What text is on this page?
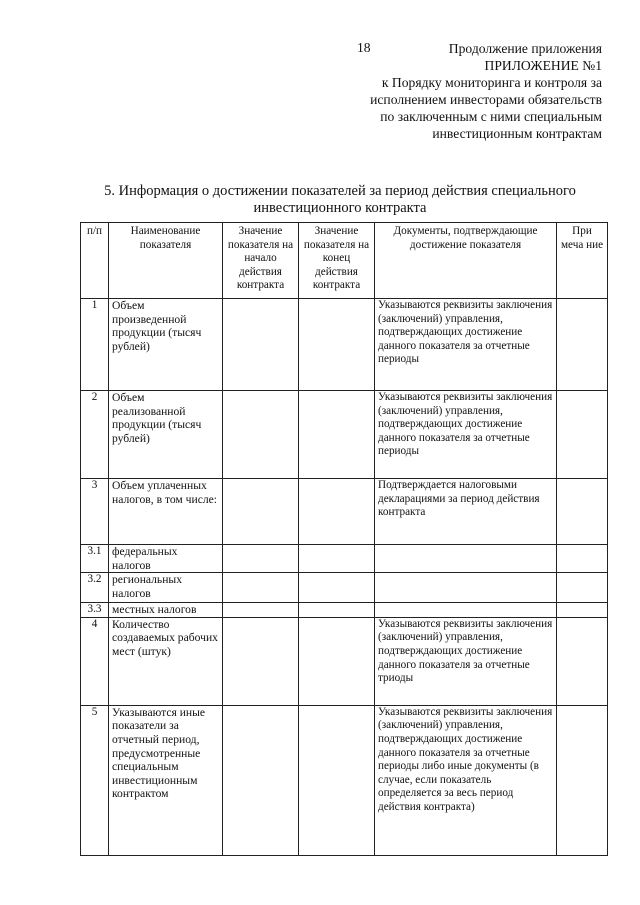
18	Продолжение приложения
ПРИЛОЖЕНИЕ №1
к Порядку мониторинга и контроля за
исполнением инвесторами обязательств
по заключенным с ними специальным
инвестиционным контрактам
5. Информация о достижении показателей за период действия специального
инвестиционного контракта
п/п	Наименование показателя	Значение показателя на начало действия контракта	Значение показателя на конец действия контракта	Документы, подтверждающие достижение показателя	При меча ние
1	Объем произведенной продукции (тысяч рублей)			Указываются реквизиты заключения (заключений) управления, подтверждающих достижение данного показателя за отчетные периоды	
2	Объем реализованной продукции (тысяч рублей)			Указываются реквизиты заключения (заключений) управления, подтверждающих достижение данного показателя за отчетные периоды	
3	Объем уплаченных налогов, в том числе:			Подтверждается налоговыми декларациями за период действия контракта	
3.1	федеральных налогов				
3.2	региональных налогов				
3.3	местных налогов				
4	Количество создаваемых рабочих мест (штук)			Указываются реквизиты заключения (заключений) управления, подтверждающих достижение данного показателя за отчетные триоды	
5	Указываются иные показатели за отчетный период, предусмотренные специальным инвестиционным контрактом			Указываются реквизиты заключения (заключений) управления, подтверждающих достижение данного показателя за отчетные периоды либо иные документы (в случае, если показатель определяется за весь период действия контракта)	
